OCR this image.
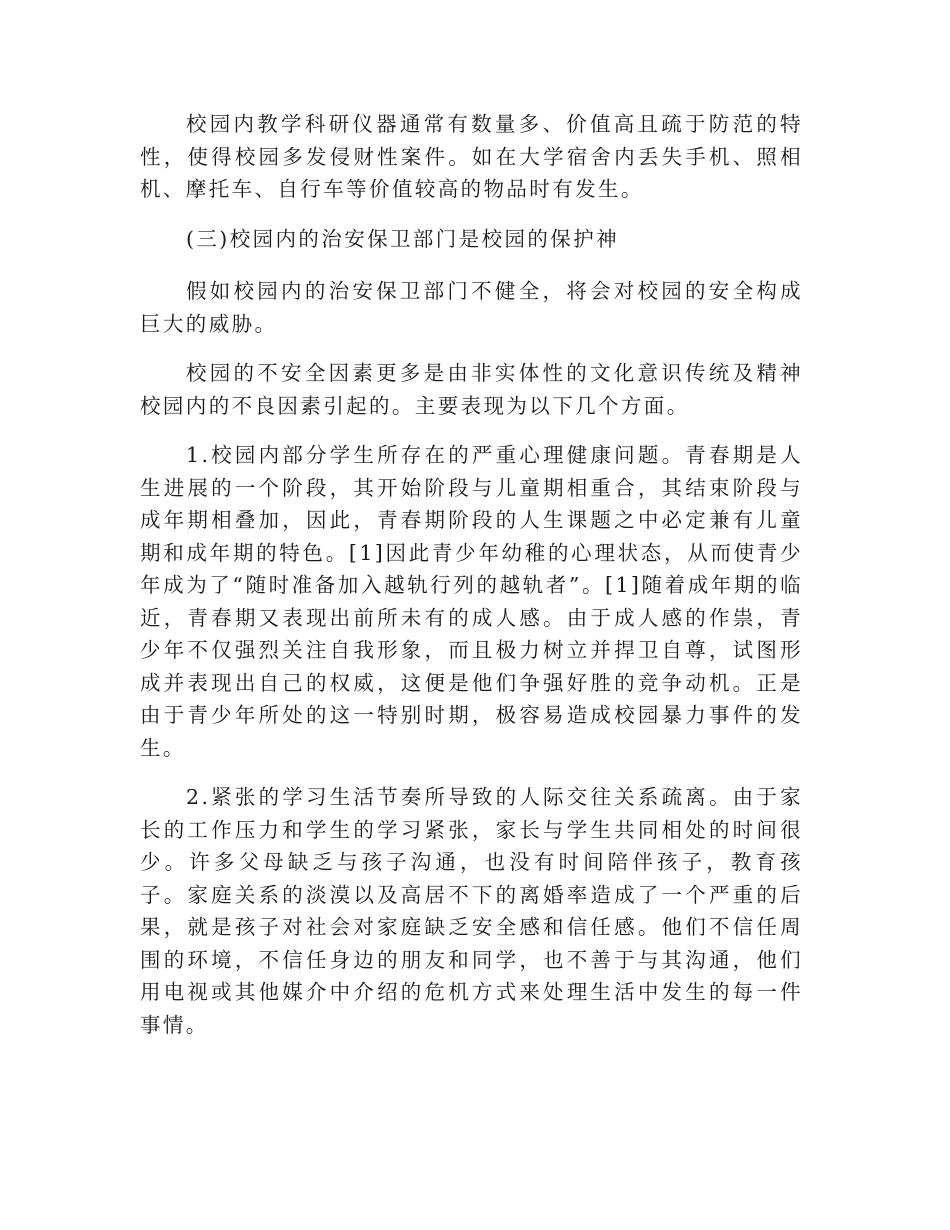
校园内教学科研仪器通常有数量多、价值高且疏于防范的特性，使得校园多发侵财性案件。如在大学宿舍内丢失手机、照相机、摩托车、自行车等价值较高的物品时有发生。

(三)校园内的治安保卫部门是校园的保护神

假如校园内的治安保卫部门不健全，将会对校园的安全构成巨大的威胁。

校园的不安全因素更多是由非实体性的文化意识传统及精神校园内的不良因素引起的。主要表现为以下几个方面。

1.校园内部分学生所存在的严重心理健康问题。青春期是人生进展的一个阶段，其开始阶段与儿童期相重合，其结束阶段与成年期相叠加，因此，青春期阶段的人生课题之中必定兼有儿童期和成年期的特色。[1]因此青少年幼稚的心理状态，从而使青少年成为了“随时准备加入越轨行列的越轨者”。[1]随着成年期的临近，青春期又表现出前所未有的成人感。由于成人感的作祟，青少年不仅强烈关注自我形象，而且极力树立并捍卫自尊，试图形成并表现出自己的权威，这便是他们争强好胜的竞争动机。正是由于青少年所处的这一特别时期，极容易造成校园暴力事件的发生。

2.紧张的学习生活节奏所导致的人际交往关系疏离。由于家长的工作压力和学生的学习紧张，家长与学生共同相处的时间很少。许多父母缺乏与孩子沟通，也没有时间陪伴孩子，教育孩子。家庭关系的淡漠以及高居不下的离婚率造成了一个严重的后果，就是孩子对社会对家庭缺乏安全感和信任感。他们不信任周围的环境，不信任身边的朋友和同学，也不善于与其沟通，他们用电视或其他媒介中介绍的危机方式来处理生活中发生的每一件事情。
